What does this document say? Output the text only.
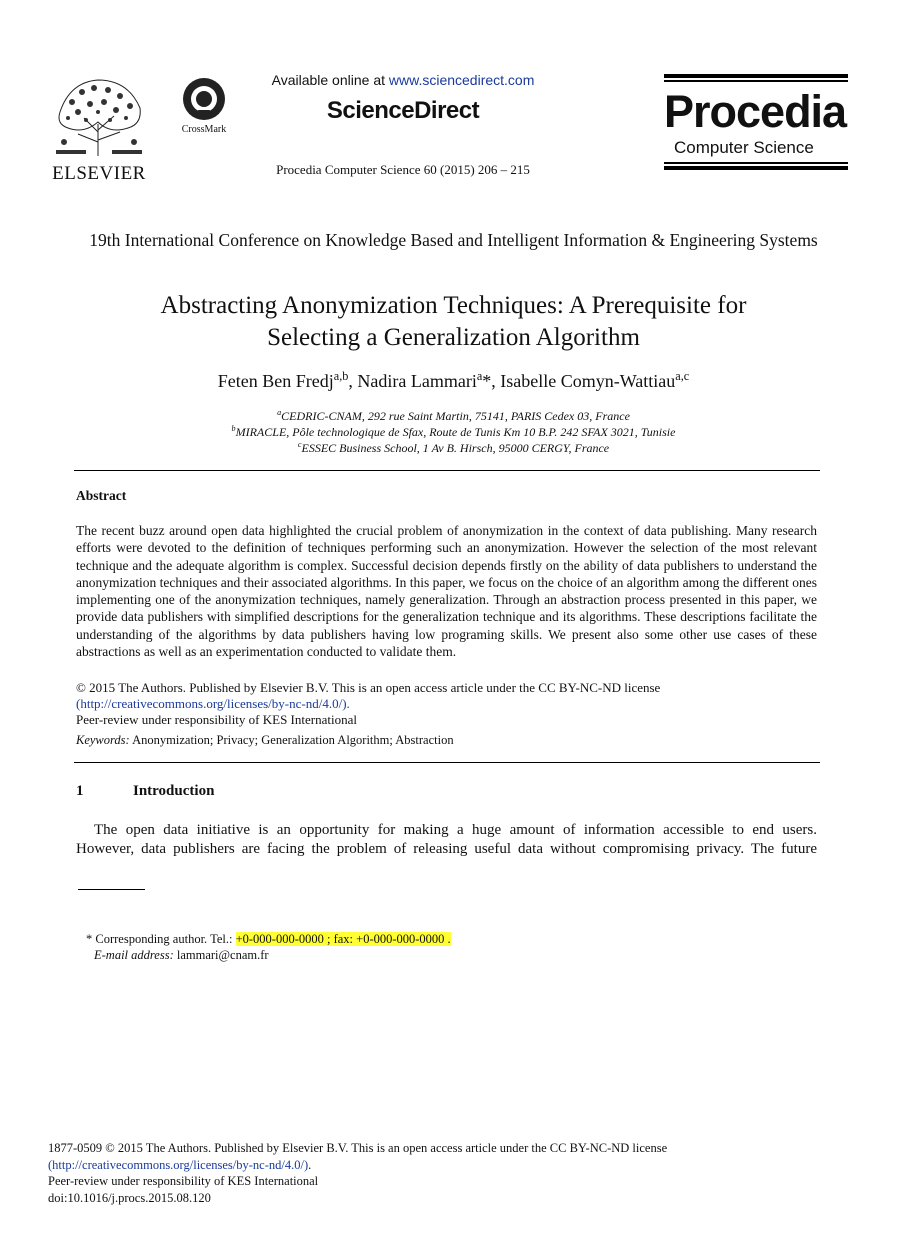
ELSEVIER
CrossMark
Available online at www.sciencedirect.com
ScienceDirect
Procedia Computer Science 60 (2015) 206 – 215
Procedia
Computer Science
19th International Conference on Knowledge Based and Intelligent Information & Engineering Systems
Abstracting Anonymization Techniques: A Prerequisite for
Selecting a Generalization Algorithm
Feten Ben Fredj$^{a,b}$, Nadira Lammari$^a$*, Isabelle Comyn-Wattiau$^{a,c}$
$^a$CEDRIC-CNAM, 292 rue Saint Martin, 75141, PARIS Cedex 03, France
$^b$MIRACLE, Pôle technologique de Sfax, Route de Tunis Km 10 B.P. 242 SFAX 3021, Tunisie
$^c$ESSEC Business School, 1 Av B. Hirsch, 95000 CERGY, France
Abstract
The recent buzz around open data highlighted the crucial problem of anonymization in the context of data publishing. Many research efforts were devoted to the definition of techniques performing such an anonymization. However the selection of the most relevant technique and the adequate algorithm is complex. Successful decision depends firstly on the ability of data publishers to understand the anonymization techniques and their associated algorithms. In this paper, we focus on the choice of an algorithm among the different ones implementing one of the anonymization techniques, namely generalization. Through an abstraction process presented in this paper, we provide data publishers with simplified descriptions for the generalization technique and its algorithms. These descriptions facilitate the understanding of the algorithms by data publishers having low programing skills. We present also some other use cases of these abstractions as well as an experimentation conducted to validate them.
© 2015 The Authors. Published by Elsevier B.V. This is an open access article under the CC BY-NC-ND license
(http://creativecommons.org/licenses/by-nc-nd/4.0/).
Peer-review under responsibility of KES International
Keywords: Anonymization; Privacy; Generalization Algorithm; Abstraction
1	Introduction
The open data initiative is an opportunity for making a huge amount of information accessible to end users.
However, data publishers are facing the problem of releasing useful data without compromising privacy. The future
* Corresponding author. Tel.: +0-000-000-0000 ; fax: +0-000-000-0000 .
E-mail address: lammari@cnam.fr
1877-0509 © 2015 The Authors. Published by Elsevier B.V. This is an open access article under the CC BY-NC-ND license
(http://creativecommons.org/licenses/by-nc-nd/4.0/).
Peer-review under responsibility of KES International
doi:10.1016/j.procs.2015.08.120
